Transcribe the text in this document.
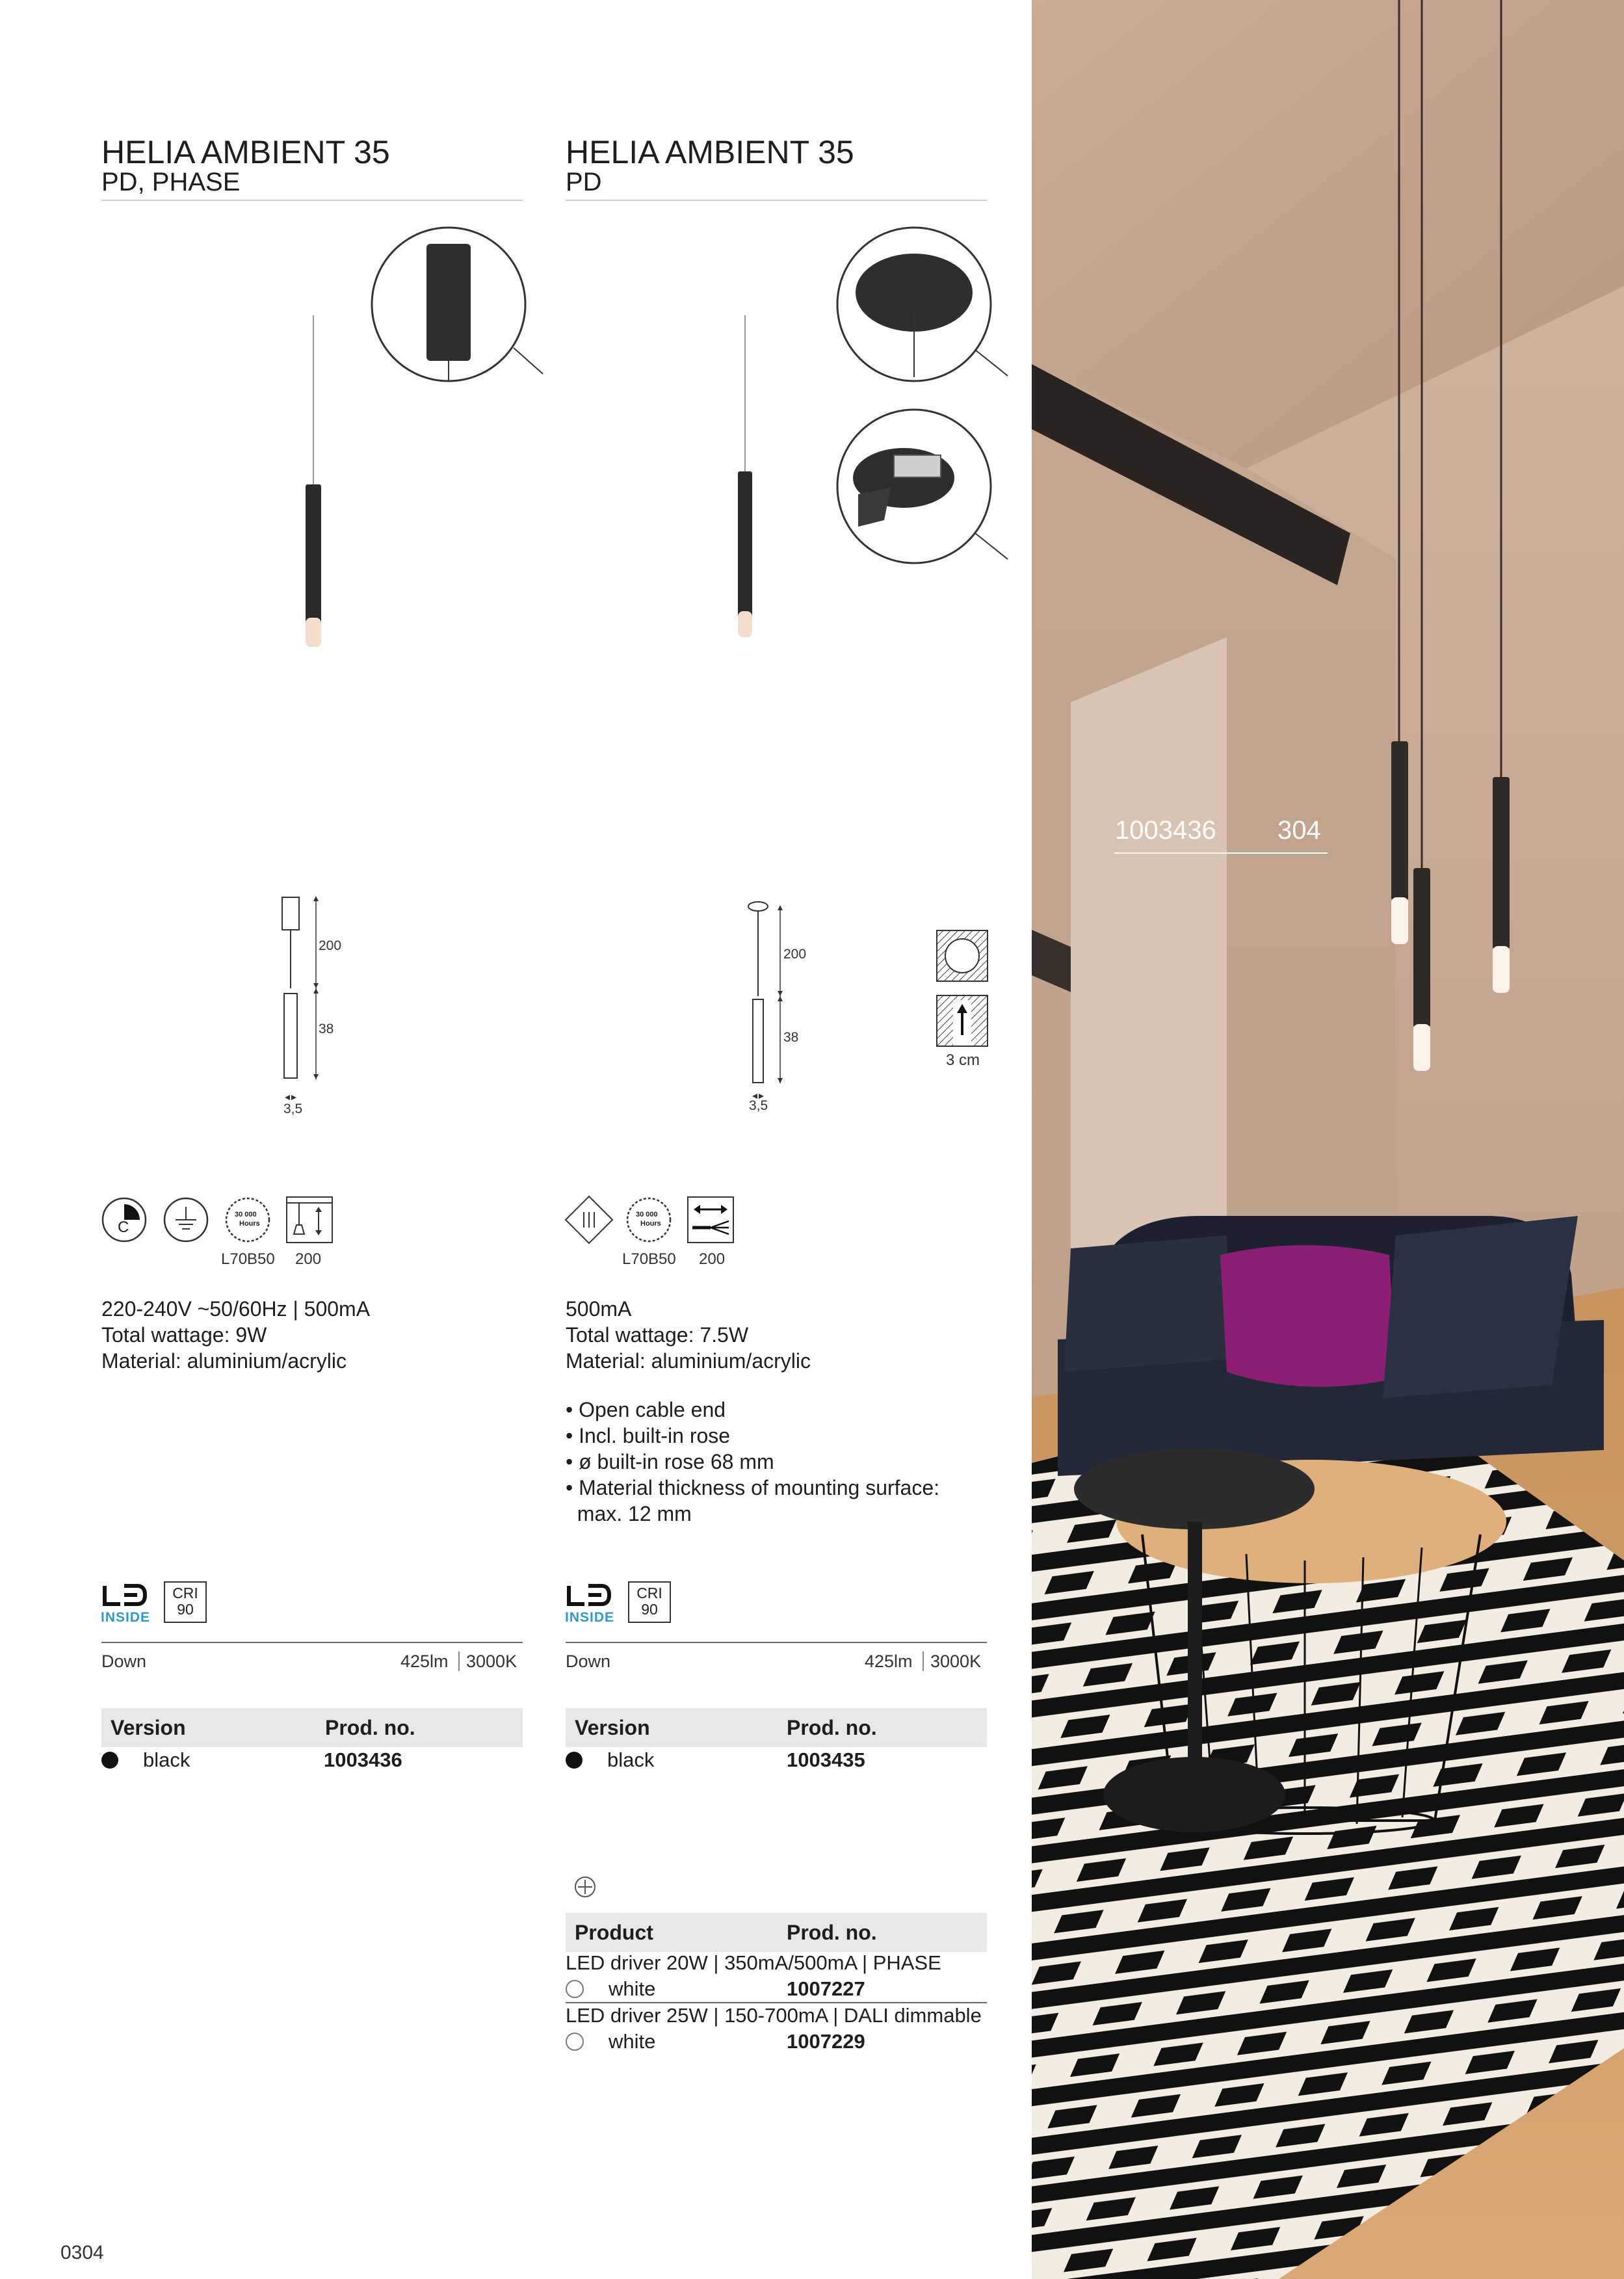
HELIA AMBIENT 35
PD, PHASE
200
38
3,5
C
30 000
Hours
L70B50 200
220-240V ~50/60Hz | 500mA
Total wattage: 9W
Material: aluminium/acrylic
INSIDE
CRI
90
Down	425lm 3000K
Version	Prod. no.
black	1003436
HELIA AMBIENT 35
PD
200
38
3,5
3 cm
30 000
Hours
L70B50 200
500mA
Total wattage: 7.5W
Material: aluminium/acrylic
• Open cable end
• Incl. built-in rose
• ø built-in rose 68 mm
• Material thickness of mounting surface:
max. 12 mm
INSIDE
CRI
90
Down	425lm 3000K
Version	Prod. no.
black	1003435
Product	Prod. no.
LED driver 20W | 350mA/500mA | PHASE
white	1007227
LED driver 25W | 150-700mA | DALI dimmable
white	1007229
0304
1003436 304
